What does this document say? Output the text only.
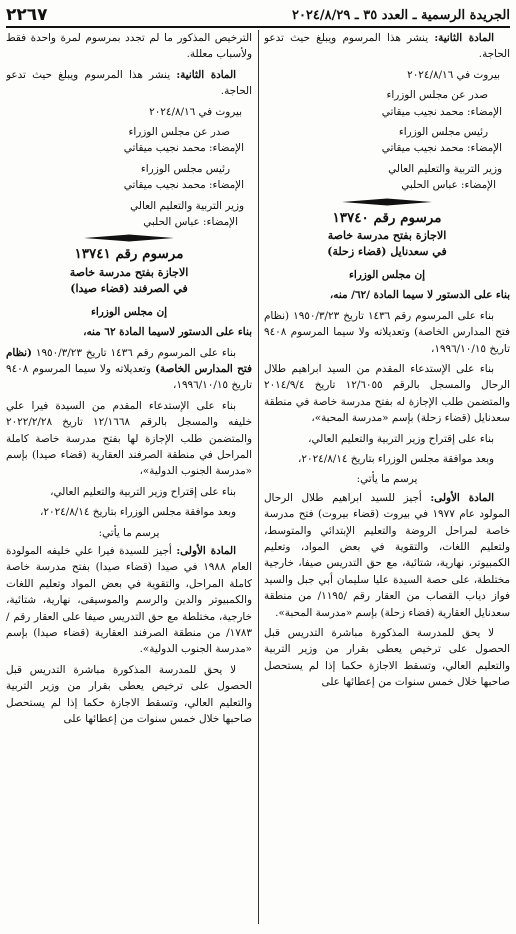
الجريدة الرسمية ـ العدد ٣٥ ـ ٢٠٢٤/٨/٢٩
٢٢٦٧

المادة الثانية: ينشر هذا المرسوم ويبلغ حيث تدعو الحاجة.

بيروت في ٢٠٢٤/٨/١٦

صدر عن مجلس الوزراء

الإمضاء: محمد نجيب ميقاتي

رئيس مجلس الوزراء

الإمضاء: محمد نجيب ميقاتي

وزير التربية والتعليم العالي

الإمضاء: عباس الحلبي

مرسوم رقم ١٣٧٤٠

الاجازة بفتح مدرسة خاصة

في سعدنايل (قضاء زحلة)

إن مجلس الوزراء

بناء على الدستور لا سيما المادة /٦٢/ منه،

بناء على المرسوم رقم ١٤٣٦ تاريخ ١٩٥٠/٣/٢٣ (نظام فتح المدارس الخاصة) وتعديلاته ولا سيما المرسوم ٩٤٠٨ تاريخ ١٩٩٦/١٠/١٥،

بناء على الإستدعاء المقدم من السيد ابراهيم طلال الرحال والمسجل بالرقم ١٢/٦٠٥٥ تاريخ ٢٠١٤/٩/٤ والمتضمن طلب الإجازة له بفتح مدرسة خاصة في منطقة سعدنايل (قضاء زحلة) بإسم «مدرسة المحبة»،

بناء على إقتراح وزير التربية والتعليم العالي،

وبعد موافقة مجلس الوزراء بتاريخ ٢٠٢٤/٨/١٤،

يرسم ما يأتي:

المادة الأولى: أجيز للسيد ابراهيم طلال الرحال المولود عام ١٩٧٧ في بيروت (قضاء بيروت) فتح مدرسة خاصة لمراحل الروضة والتعليم الإبتدائي والمتوسط، ولتعليم اللغات، والتقوية في بعض المواد، وتعليم الكمبيوتر، نهارية، شتائية، مع حق التدريس صيفا، خارجية مختلطة، على حصة السيدة عليا سليمان أبي جبل والسيد فواز دياب القصاب من العقار رقم /١١٩٥/ من منطقة سعدنايل العقارية (قضاء زحلة) بإسم «مدرسة المحبة».

لا يحق للمدرسة المذكورة مباشرة التدريس قبل الحصول على ترخيص يعطى بقرار من وزير التربية والتعليم العالي، وتسقط الاجازة حكما إذا لم يستحصل صاحبها خلال خمس سنوات من إعطائها على

الترخيص المذكور ما لم تجدد بمرسوم لمرة واحدة فقط ولأسباب معللة.

المادة الثانية: ينشر هذا المرسوم ويبلغ حيث تدعو الحاجة.

بيروت في ٢٠٢٤/٨/١٦

صدر عن مجلس الوزراء

الإمضاء: محمد نجيب ميقاتي

رئيس مجلس الوزراء

الإمضاء: محمد نجيب ميقاتي

وزير التربية والتعليم العالي

الإمضاء: عباس الحلبي

مرسوم رقم ١٣٧٤١

الاجازة بفتح مدرسة خاصة

في الصرفند (قضاء صيدا)

إن مجلس الوزراء

بناء على الدستور لاسيما المادة ٦٢ منه،

بناء على المرسوم رقم ١٤٣٦ تاريخ ١٩٥٠/٣/٢٣ (نظام فتح المدارس الخاصة) وتعديلاته ولا سيما المرسوم ٩٤٠٨ تاريخ ١٩٩٦/١٠/١٥،

بناء على الإستدعاء المقدم من السيدة فيرا علي خليفه والمسجل بالرقم ١٢/١٦٦٨ تاريخ ٢٠٢٢/٢/٢٨ والمتضمن طلب الإجازة لها بفتح مدرسة خاصة كاملة المراحل في منطقة الصرفند العقارية (قضاء صيدا) بإسم «مدرسة الجنوب الدولية»،

بناء على إقتراح وزير التربية والتعليم العالي،

وبعد موافقة مجلس الوزراء بتاريخ ٢٠٢٤/٨/١٤،

يرسم ما يأتي:

المادة الأولى: أجيز للسيدة فيرا علي خليفه المولودة العام ١٩٨٨ في صيدا (قضاء صيدا) بفتح مدرسة خاصة كاملة المراحل، والتقوية في بعض المواد وتعليم اللغات والكمبيوتر والدين والرسم والموسيقى، نهارية، شتائية، خارجية، مختلطة مع حق التدريس صيفا على العقار رقم /١٧٨٣/ من منطقة الصرفند العقارية (قضاء صيدا) بإسم «مدرسة الجنوب الدولية».

لا يحق للمدرسة المذكورة مباشرة التدريس قبل الحصول على ترخيص يعطى بقرار من وزير التربية والتعليم العالي، وتسقط الاجازة حكما إذا لم يستحصل صاحبها خلال خمس سنوات من إعطائها على
